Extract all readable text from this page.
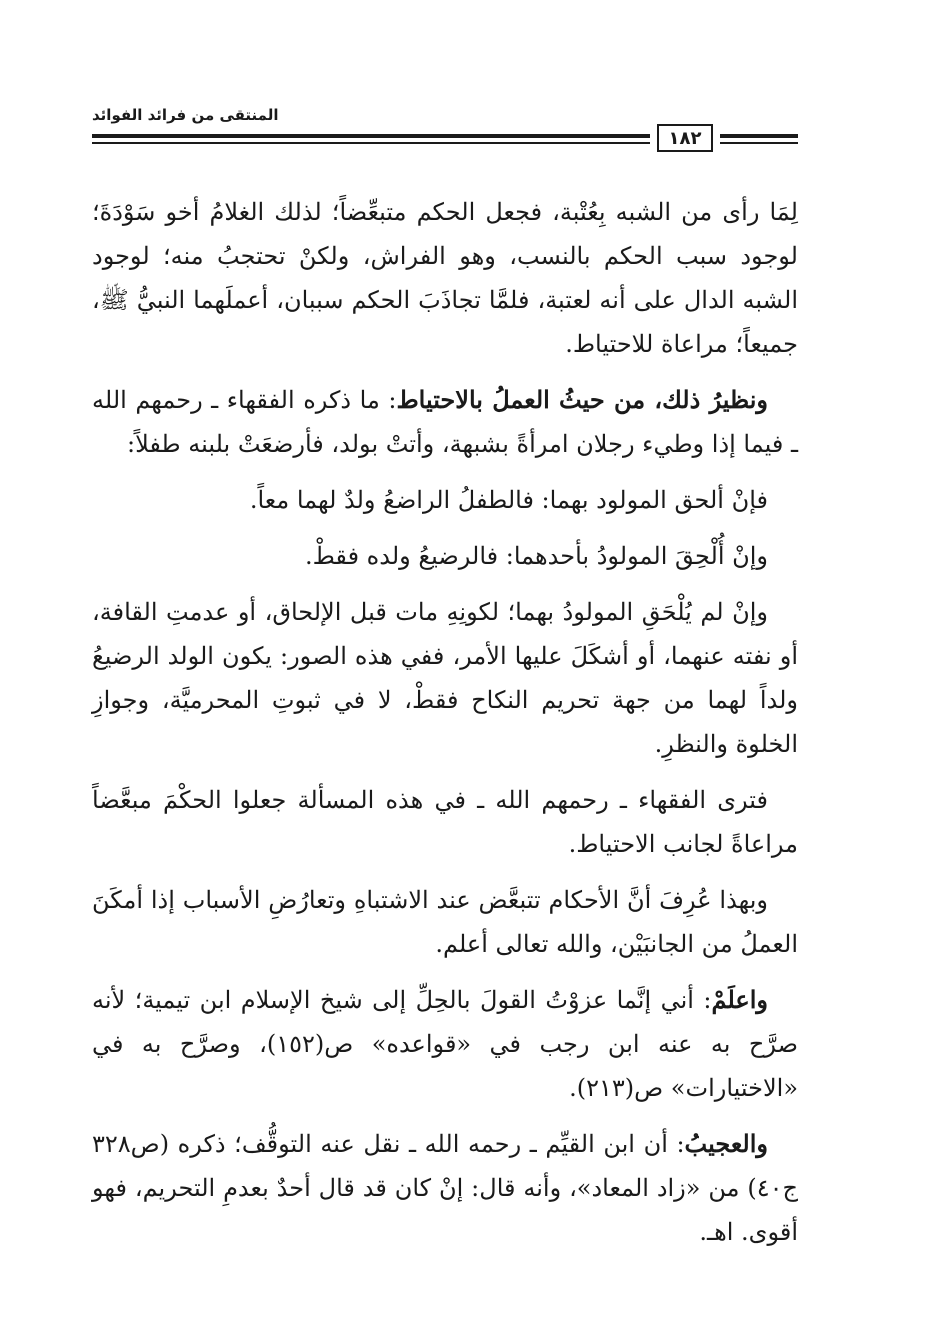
المنتقى من فرائد الفوائد
١٨٢

لِمَا رأى من الشبه بِعُتْبة، فجعل الحكم متبعِّضاً؛ لذلك الغلامُ أخو سَوْدَةَ؛ لوجود سبب الحكم بالنسب، وهو الفراش، ولكنْ تحتجبُ منه؛ لوجود الشبه الدال على أنه لعتبة، فلمَّا تجاذَبَ الحكم سببان، أعملَهما النبيُّ ﷺ، جميعاً؛ مراعاة للاحتياط.

ونظيرُ ذلك، من حيثُ العملُ بالاحتياط: ما ذكره الفقهاء ـ رحمهم الله ـ فيما إذا وطيء رجلان امرأةً بشبهة، وأتتْ بولد، فأرضعَتْ بلبنه طفلاً:

فإنْ ألحق المولود بهما: فالطفلُ الراضعُ ولدٌ لهما معاً.

وإنْ أُلْحِقَ المولودُ بأحدهما: فالرضيعُ ولده فقطْ.

وإنْ لم يُلْحَقِ المولودُ بهما؛ لكونِهِ مات قبل الإلحاق، أو عدمتِ القافة، أو نفته عنهما، أو أشكَلَ عليها الأمر، ففي هذه الصور: يكون الولد الرضيعُ ولداً لهما من جهة تحريم النكاح فقطْ، لا في ثبوتِ المحرميَّة، وجوازِ الخلوة والنظرِ.

فترى الفقهاء ـ رحمهم الله ـ في هذه المسألة جعلوا الحكْمَ مبعَّضاً مراعاةً لجانب الاحتياط.

وبهذا عُرِفَ أنَّ الأحكام تتبعَّض عند الاشتباهِ وتعارُضِ الأسباب إذا أمكَنَ العملُ من الجانبَيْن، والله تعالى أعلم.

واعلَمْ: أني إنَّما عزوْتُ القولَ بالحِلِّ إلى شيخ الإسلام ابن تيمية؛ لأنه صرَّح به عنه ابن رجب في «قواعده» ص(١٥٢)، وصرَّح به في «الاختيارات» ص(٢١٣).

والعجيبُ: أن ابن القيِّم ـ رحمه الله ـ نقل عنه التوقُّف؛ ذكره (ص٣٢٨ ج٤٠) من «زاد المعاد»، وأنه قال: إنْ كان قد قال أحدٌ بعدمِ التحريم، فهو أقوى. اهـ.
